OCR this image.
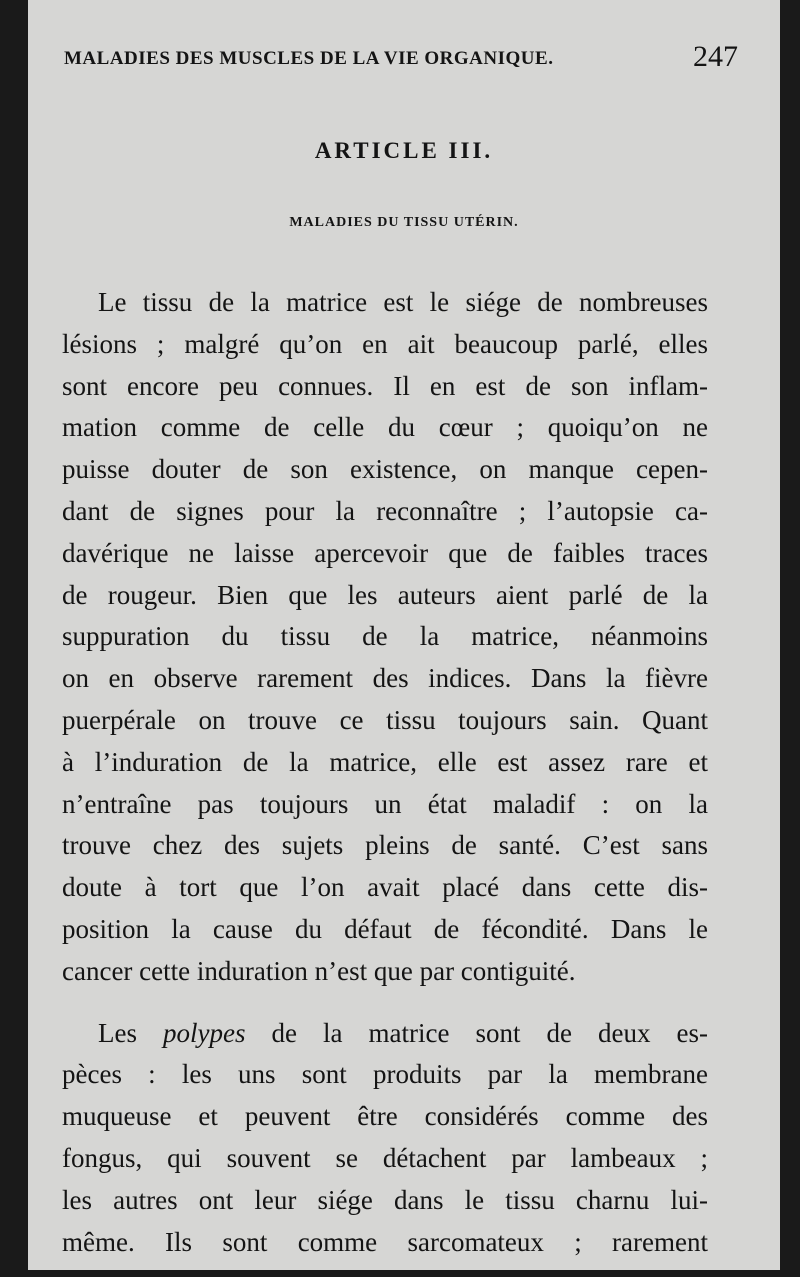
MALADIES DES MUSCLES DE LA VIE ORGANIQUE.	247
ARTICLE III.
MALADIES DU TISSU UTÉRIN.
Le tissu de la matrice est le siége de nombreuses
lésions ; malgré qu’on en ait beaucoup parlé, elles
sont encore peu connues. Il en est de son inflam-
mation comme de celle du cœur ; quoiqu’on ne
puisse douter de son existence, on manque cepen-
dant de signes pour la reconnaître ; l’autopsie ca-
davérique ne laisse apercevoir que de faibles traces
de rougeur. Bien que les auteurs aient parlé de la
suppuration du tissu de la matrice, néanmoins
on en observe rarement des indices. Dans la fièvre
puerpérale on trouve ce tissu toujours sain. Quant
à l’induration de la matrice, elle est assez rare et
n’entraîne pas toujours un état maladif : on la
trouve chez des sujets pleins de santé. C’est sans
doute à tort que l’on avait placé dans cette dis-
position la cause du défaut de fécondité. Dans le
cancer cette induration n’est que par contiguité.
Les polypes de la matrice sont de deux es-
pèces : les uns sont produits par la membrane
muqueuse et peuvent être considérés comme des
fongus, qui souvent se détachent par lambeaux ;
les autres ont leur siége dans le tissu charnu lui-
même. Ils sont comme sarcomateux ; rarement
